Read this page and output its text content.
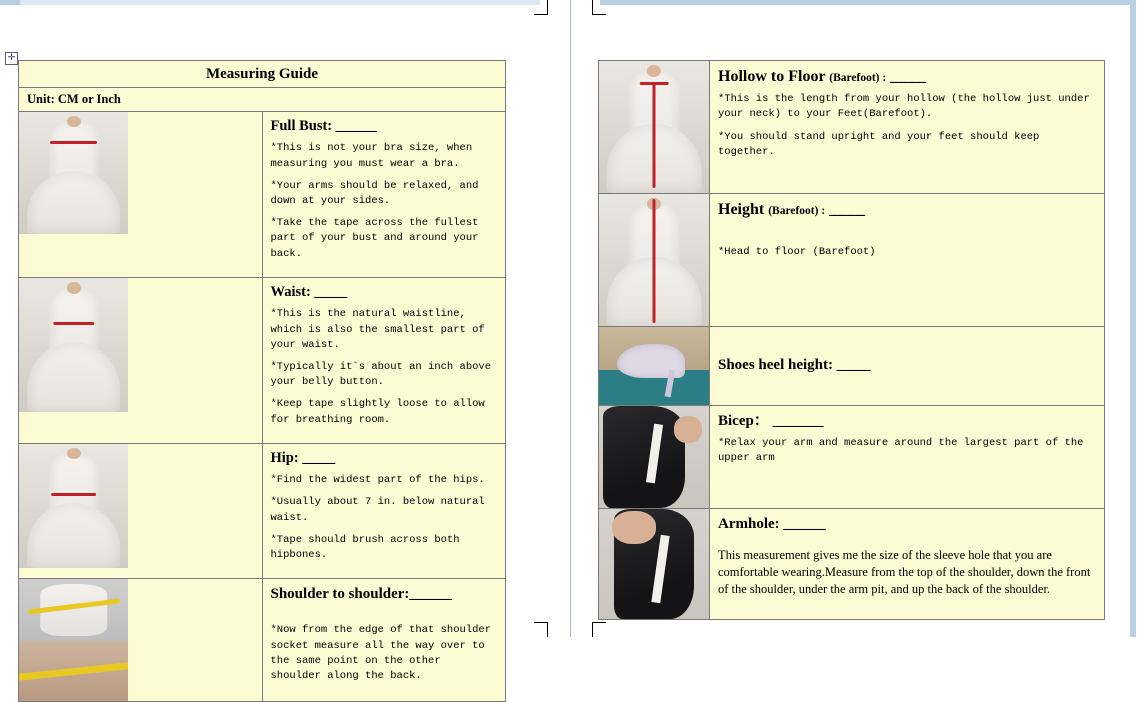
✛
Measuring Guide	
Unit: CM or Inch	

	Full Bust: _____

*This is not your bra size, when measuring you must wear a bra.

*Your arms should be relaxed, and down at your sides.

*Take the tape across the fullest part of your bust and around your back.

	Waist: ____

*This is the natural waistline, which is also the smallest part of your waist.

*Typically it`s about an inch above your belly button.

*Keep tape slightly loose to allow for breathing room.

	Hip: ____

*Find the widest part of the hips.

*Usually about 7 in. below natural waist.

*Tape should brush across both hipbones.

	Shoulder to shoulder:_____

*Now from the edge of that shoulder socket measure all the way over to the same point on the other shoulder along the back.

	Hollow to Floor (Barefoot) : ____

*This is the length from your hollow (the hollow just under your neck) to your Feet(Barefoot).

*You should stand upright and your feet should keep together.

	Height (Barefoot) : ____

*Head to floor (Barefoot)

	Shoes heel height: ____

	Bicep： ______

*Relax your arm and measure around the largest part of the upper arm

	Armhole: _____

This measurement gives me the size of the sleeve hole that you are comfortable wearing.Measure from the top of the shoulder, down the front of the shoulder, under the arm pit, and up the back of the shoulder.
